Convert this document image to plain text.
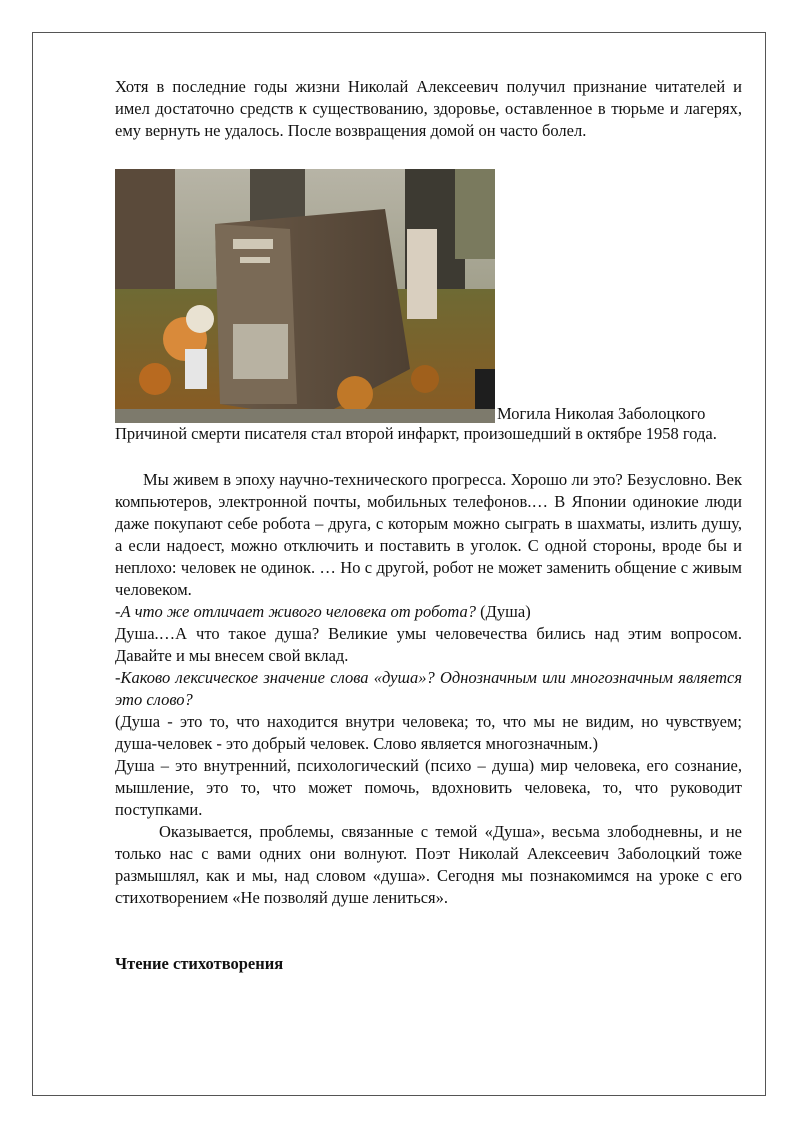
Хотя в последние годы жизни Николай Алексеевич получил признание читателей и имел достаточно средств к существованию, здоровье, оставленное в тюрьме и лагерях, ему вернуть не удалось. После возвращения домой он часто болел.

Могила Николая Заболоцкого

Причиной смерти писателя стал второй инфаркт, произошедший в октябре 1958 года.

Мы живем в эпоху научно-технического прогресса. Хорошо ли это? Безусловно. Век компьютеров, электронной почты, мобильных телефонов.… В Японии одинокие люди даже покупают себе робота – друга, с которым можно сыграть в шахматы, излить душу, а если надоест, можно отключить и поставить в уголок. С одной стороны, вроде бы и неплохо: человек не одинок. … Но с другой, робот не может заменить общение с живым человеком.

-А что же отличает живого человека от робота? (Душа)

Душа.…А что такое душа? Великие умы человечества бились над этим вопросом. Давайте и мы внесем свой вклад.

-Каково лексическое значение слова «душа»? Однозначным или многозначным является это слово?

(Душа - это то, что находится внутри человека; то, что мы не видим, но чувствуем; душа-человек - это добрый человек. Слово является многозначным.)

Душа – это внутренний, психологический (психо – душа) мир человека, его сознание, мышление, это то, что может помочь, вдохновить человека, то, что руководит поступками.

Оказывается, проблемы, связанные с темой «Душа», весьма злободневны, и не только нас с вами одних они волнуют. Поэт Николай Алексеевич Заболоцкий тоже размышлял, как и мы, над словом «душа». Сегодня мы познакомимся на уроке с его стихотворением «Не позволяй душе лениться».

Чтение стихотворения
